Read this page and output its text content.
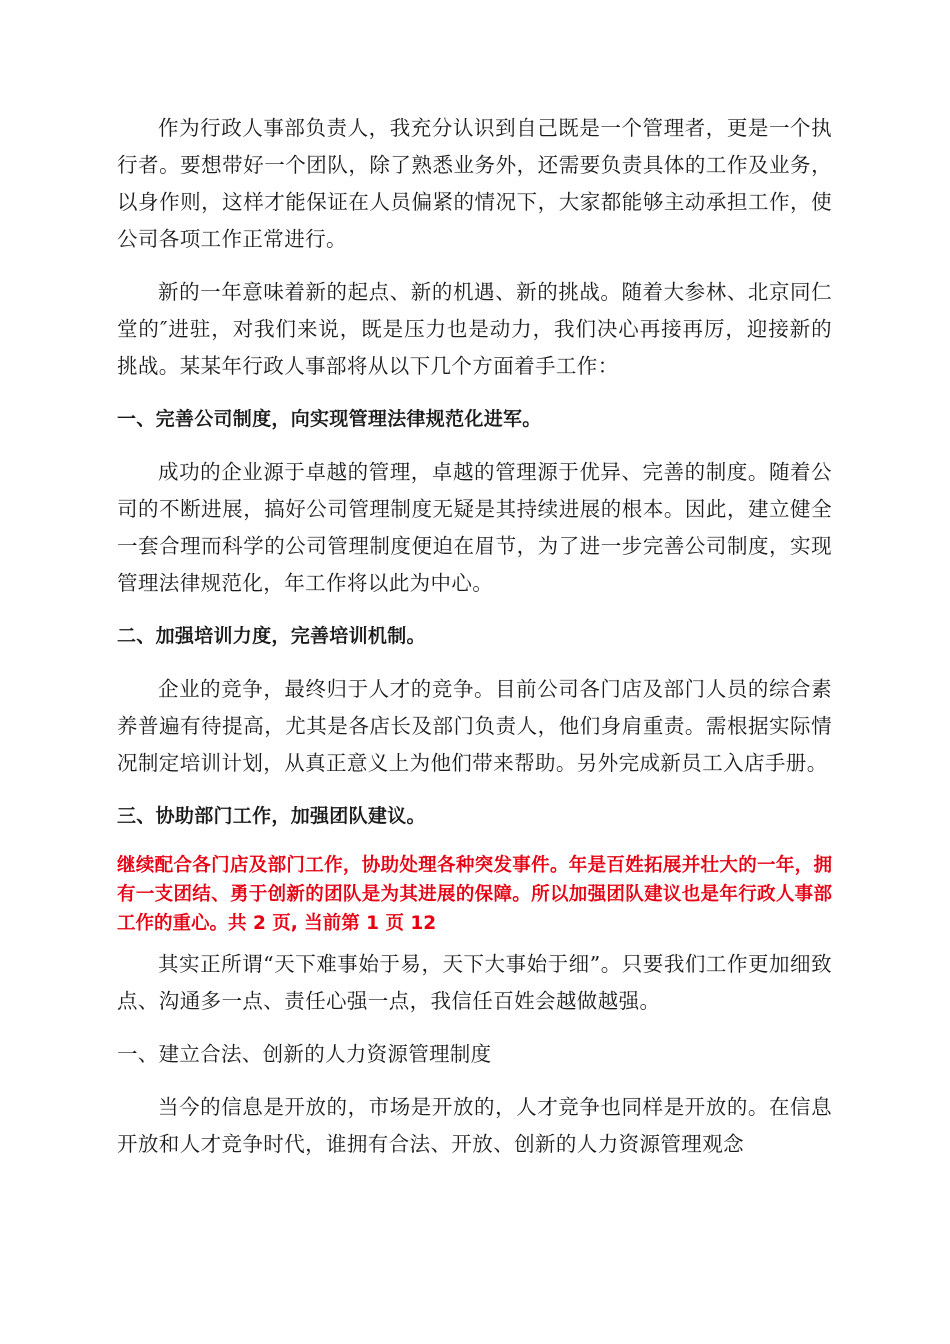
作为行政人事部负责人，我充分认识到自己既是一个管理者，更是一个执行者。要想带好一个团队，除了熟悉业务外，还需要负责具体的工作及业务，以身作则，这样才能保证在人员偏紧的情况下，大家都能够主动承担工作，使公司各项工作正常进行。

新的一年意味着新的起点、新的机遇、新的挑战。随着大参林、北京同仁堂的″进驻，对我们来说，既是压力也是动力，我们决心再接再厉，迎接新的挑战。某某年行政人事部将从以下几个方面着手工作：

一、完善公司制度，向实现管理法律规范化进军。

成功的企业源于卓越的管理，卓越的管理源于优异、完善的制度。随着公司的不断进展，搞好公司管理制度无疑是其持续进展的根本。因此，建立健全一套合理而科学的公司管理制度便迫在眉节，为了进一步完善公司制度，实现管理法律规范化，年工作将以此为中心。

二、加强培训力度，完善培训机制。

企业的竞争，最终归于人才的竞争。目前公司各门店及部门人员的综合素养普遍有待提高，尤其是各店长及部门负责人，他们身肩重责。需根据实际情况制定培训计划，从真正意义上为他们带来帮助。另外完成新员工入店手册。

三、协助部门工作，加强团队建议。

继续配合各门店及部门工作，协助处理各种突发事件。年是百姓拓展并壮大的一年，拥有一支团结、勇于创新的团队是为其进展的保障。所以加强团队建议也是年行政人事部工作的重心。共 2 页, 当前第 1 页 12

其实正所谓“天下难事始于易，天下大事始于细”。只要我们工作更加细致点、沟通多一点、责任心强一点，我信任百姓会越做越强。

一、建立合法、创新的人力资源管理制度

当今的信息是开放的，市场是开放的，人才竞争也同样是开放的。在信息开放和人才竞争时代，谁拥有合法、开放、创新的人力资源管理观念
